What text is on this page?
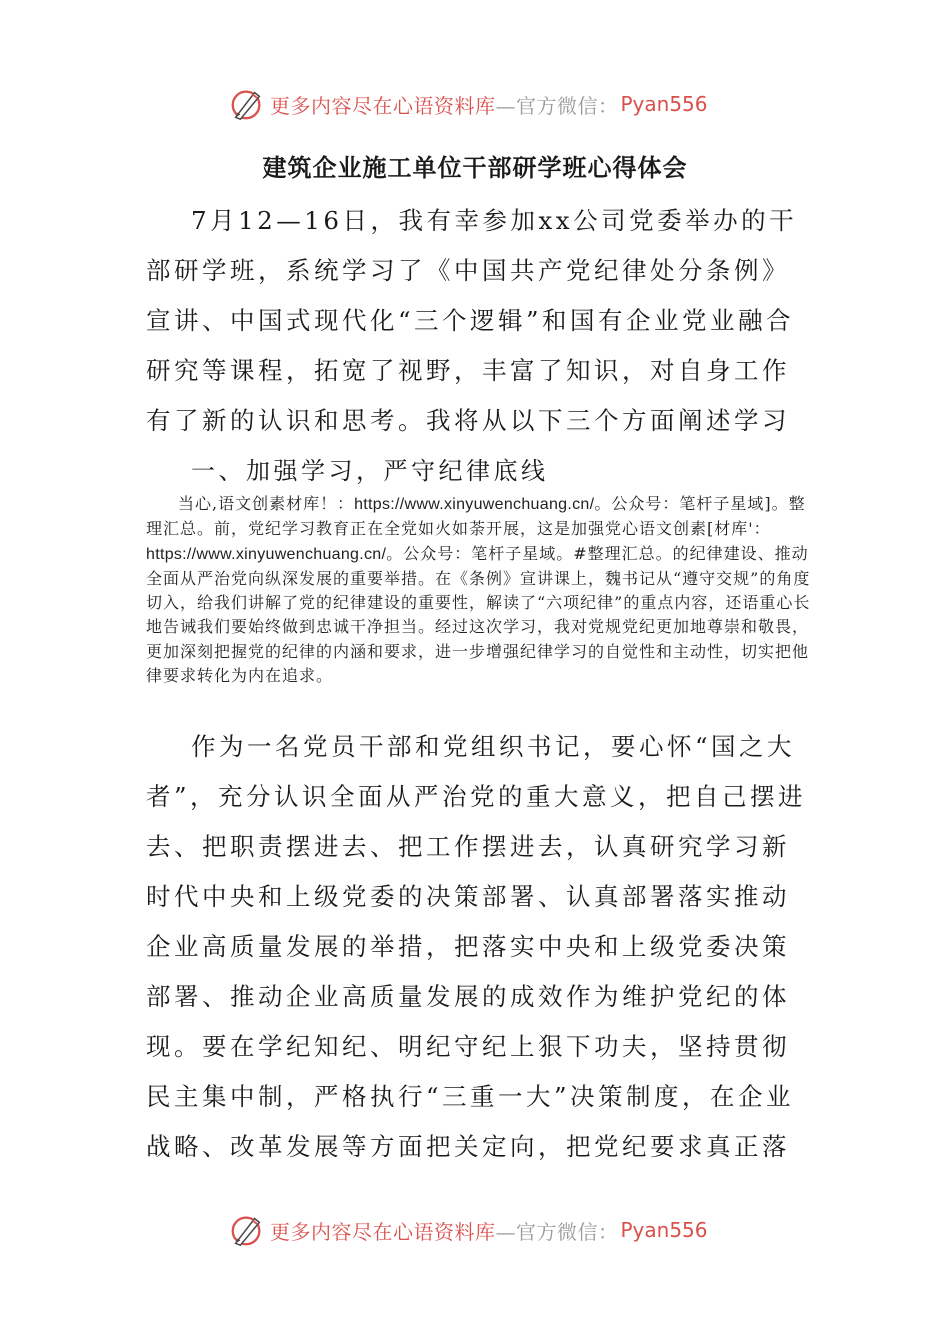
更多内容尽在心语资料库 —官方微信： Pyan556
建筑企业施工单位干部研学班心得体会

7月12—16日，我有幸参加xx公司党委举办的干部研学班，系统学习了《中国共产党纪律处分条例》宣讲、中国式现代化“三个逻辑”和国有企业党业融合研究等课程，拓宽了视野，丰富了知识，对自身工作有了新的认识和思考。我将从以下三个方面阐述学习

一、加强学习，严守纪律底线

当心,语文创素材库！：https://www.xinyuwenchuang.cn/。公众号：笔杆子星域]。整理汇总。前，党纪学习教育正在全党如火如荼开展，这是加强党心语文创素[材库'：https://www.xinyuwenchuang.cn/。公众号：笔杆子星域。#整理汇总。的纪律建设、推动全面从严治党向纵深发展的重要举措。在《条例》宣讲课上，魏书记从“遵守交规”的角度切入，给我们讲解了党的纪律建设的重要性，解读了“六项纪律”的重点内容，还语重心长地告诫我们要始终做到忠诚干净担当。经过这次学习，我对党规党纪更加地尊崇和敬畏，更加深刻把握党的纪律的内涵和要求，进一步增强纪律学习的自觉性和主动性，切实把他律要求转化为内在追求。

作为一名党员干部和党组织书记，要心怀“国之大者”，充分认识全面从严治党的重大意义，把自己摆进去、把职责摆进去、把工作摆进去，认真研究学习新时代中央和上级党委的决策部署、认真部署落实推动企业高质量发展的举措，把落实中央和上级党委决策部署、推动企业高质量发展的成效作为维护党纪的体现。要在学纪知纪、明纪守纪上狠下功夫，坚持贯彻民主集中制，严格执行“三重一大”决策制度，在企业战略、改革发展等方面把关定向，把党纪要求真正落

更多内容尽在心语资料库 —官方微信： Pyan556
